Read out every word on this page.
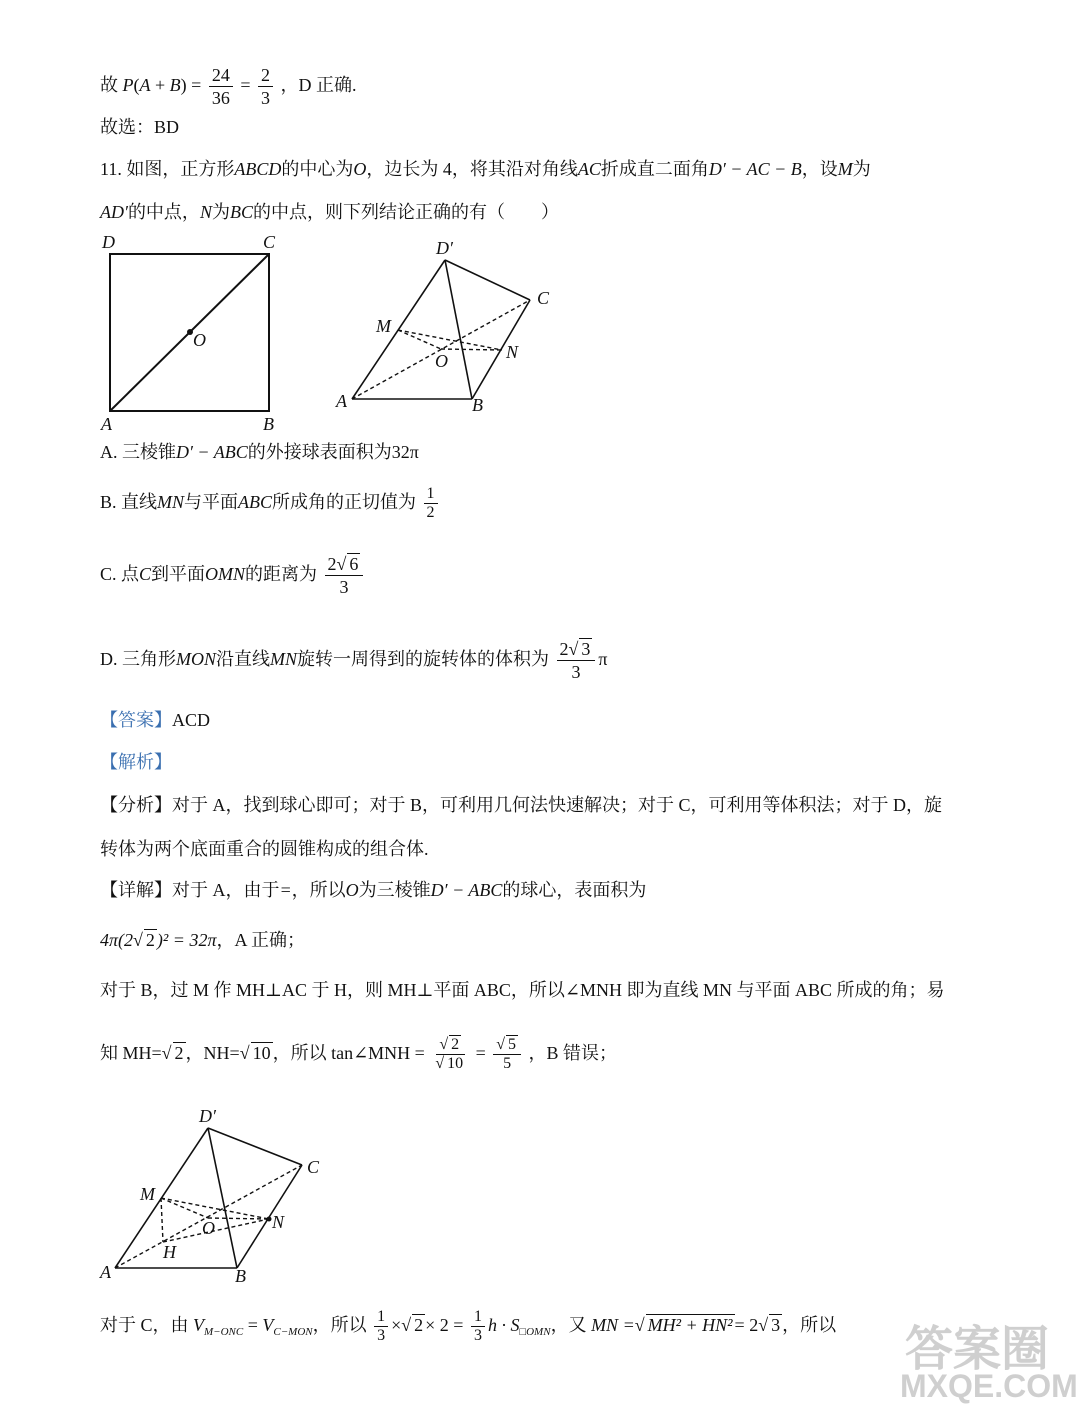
故 $P(A + B) = \frac{24}{36} = \frac{2}{3}$ ，D 正确.
故选：BD
11. 如图，正方形ABCD的中心为O，边长为 4，将其沿对角线AC折成直二面角D′ − AC − B，设M为
AD′的中点，N为BC的中点，则下列结论正确的有（　　）
D	C
O
A	B
D′
C
M
O	N
A	B
A. 三棱锥D′ − ABC的外接球表面积为32π
B. 直线MN与平面ABC所成角的正切值为 $\frac{1}{2}$
C. 点C到平面OMN的距离为 $\frac{2√ 6}{3}$
D. 三角形MON沿直线MN旋转一周得到的旋转体的体积为 $\frac{2√ 3}{3}$ π
【答案】ACD
【解析】
【分析】对于 A，找到球心即可；对于 B，可利用几何法快速解决；对于 C，可利用等体积法；对于 D，旋
转体为两个底面重合的圆锥构成的组合体.
【详解】对于 A，由于=，所以O为三棱锥D′ − ABC的球心，表面积为
4π(2√ 2 )² = 32π，A 正确；
对于 B，过 M 作 MH⊥AC 于 H，则 MH⊥平面 ABC，所以∠MNH 即为直线 MN 与平面 ABC 所成的角；易
知 MH=√ 2 ，NH=√ 10 ，所以 tan∠MNH = $\frac{√ 2}{√ 10} = \frac{√ 5}{5}$ ，B 错误；
D′
C
M
O	N
H
A	B
对于 C，由 $V_{M-ONC} = V_{C-MON}$，所以 $\frac{1}{3}$ ×√ $2 \times 2 = \frac{1}{3}$ $h \cdot S_{□OMN}$，又 MN =√ MH² + HN² = 2√ 3 ，所以 答案圈
MXQE.COM
